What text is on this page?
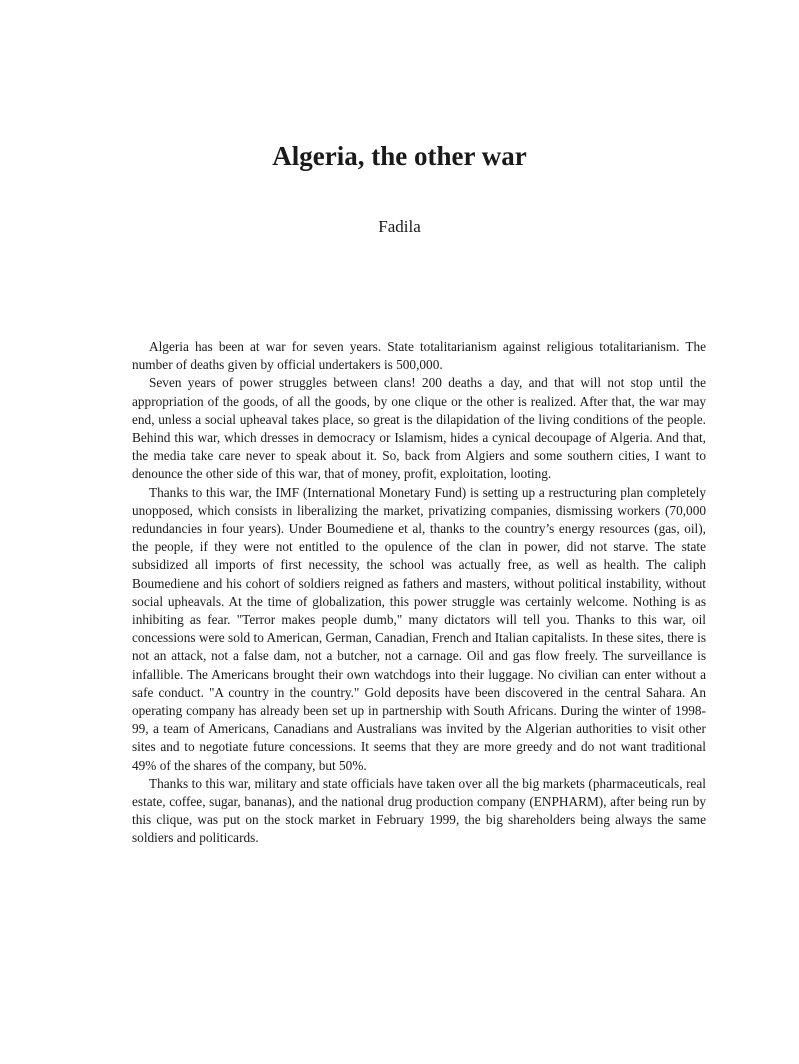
Algeria, the other war
Fadila

Algeria has been at war for seven years. State totalitarianism against religious totalitarianism. The number of deaths given by official undertakers is 500,000.

Seven years of power struggles between clans! 200 deaths a day, and that will not stop until the appropriation of the goods, of all the goods, by one clique or the other is realized. After that, the war may end, unless a social upheaval takes place, so great is the dilapidation of the living conditions of the people. Behind this war, which dresses in democracy or Islamism, hides a cynical decoupage of Algeria. And that, the media take care never to speak about it. So, back from Algiers and some southern cities, I want to denounce the other side of this war, that of money, profit, exploitation, looting.

Thanks to this war, the IMF (International Monetary Fund) is setting up a restructuring plan completely unopposed, which consists in liberalizing the market, privatizing companies, dismissing workers (70,000 redundancies in four years). Under Boumediene et al, thanks to the country’s energy resources (gas, oil), the people, if they were not entitled to the opulence of the clan in power, did not starve. The state subsidized all imports of first necessity, the school was actually free, as well as health. The caliph Boumediene and his cohort of soldiers reigned as fathers and masters, without political instability, without social upheavals. At the time of globalization, this power struggle was certainly welcome. Nothing is as inhibiting as fear. "Terror makes people dumb," many dictators will tell you. Thanks to this war, oil concessions were sold to American, German, Canadian, French and Italian capitalists. In these sites, there is not an attack, not a false dam, not a butcher, not a carnage. Oil and gas flow freely. The surveillance is infallible. The Americans brought their own watchdogs into their luggage. No civilian can enter without a safe conduct. "A country in the country." Gold deposits have been discovered in the central Sahara. An operating company has already been set up in partnership with South Africans. During the winter of 1998-99, a team of Americans, Canadians and Australians was invited by the Algerian authorities to visit other sites and to negotiate future concessions. It seems that they are more greedy and do not want traditional 49% of the shares of the company, but 50%.

Thanks to this war, military and state officials have taken over all the big markets (pharmaceuticals, real estate, coffee, sugar, bananas), and the national drug production company (ENPHARM), after being run by this clique, was put on the stock market in February 1999, the big shareholders being always the same soldiers and politicards.
